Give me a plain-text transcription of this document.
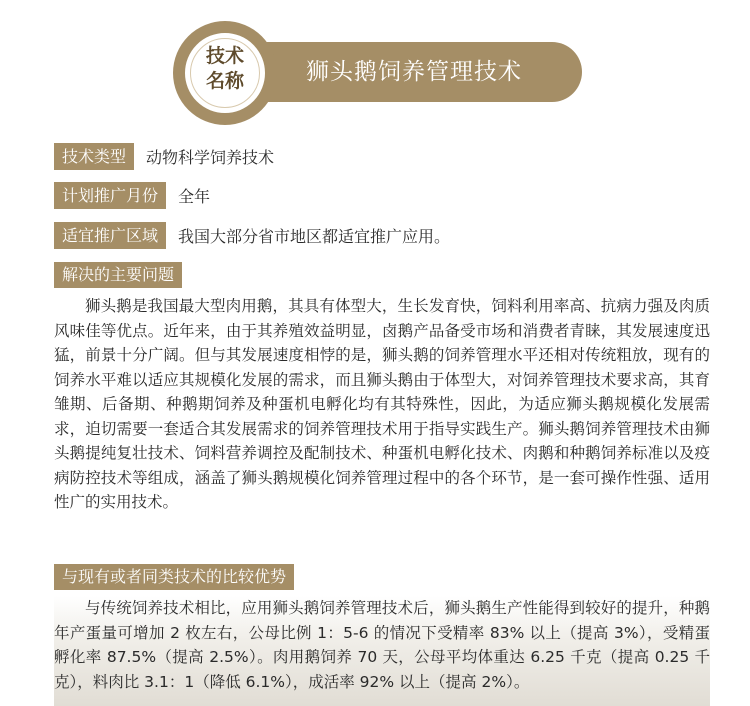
狮头鹅饲养管理技术
技术
名称
技术类型	动物科学饲养技术
计划推广月份	全年
适宜推广区域	我国大部分省市地区都适宜推广应用。
解决的主要问题

狮头鹅是我国最大型肉用鹅，其具有体型大，生长发育快，饲料利用率高、抗病力强及肉质风味佳等优点。近年来，由于其养殖效益明显，卤鹅产品备受市场和消费者青睐，其发展速度迅猛，前景十分广阔。但与其发展速度相悖的是，狮头鹅的饲养管理水平还相对传统粗放，现有的饲养水平难以适应其规模化发展的需求，而且狮头鹅由于体型大，对饲养管理技术要求高，其育雏期、后备期、种鹅期饲养及种蛋机电孵化均有其特殊性，因此，为适应狮头鹅规模化发展需求，迫切需要一套适合其发展需求的饲养管理技术用于指导实践生产。狮头鹅饲养管理技术由狮头鹅提纯复壮技术、饲料营养调控及配制技术、种蛋机电孵化技术、肉鹅和种鹅饲养标准以及疫病防控技术等组成，涵盖了狮头鹅规模化饲养管理过程中的各个环节，是一套可操作性强、适用性广的实用技术。

与现有或者同类技术的比较优势

与传统饲养技术相比，应用狮头鹅饲养管理技术后，狮头鹅生产性能得到较好的提升，种鹅年产蛋量可增加 2 枚左右，公母比例 1：5-6 的情况下受精率 83% 以上（提高 3%），受精蛋孵化率 87.5%（提高 2.5%）。肉用鹅饲养 70 天，公母平均体重达 6.25 千克（提高 0.25 千克），料肉比 3.1：1（降低 6.1%），成活率 92% 以上（提高 2%）。
